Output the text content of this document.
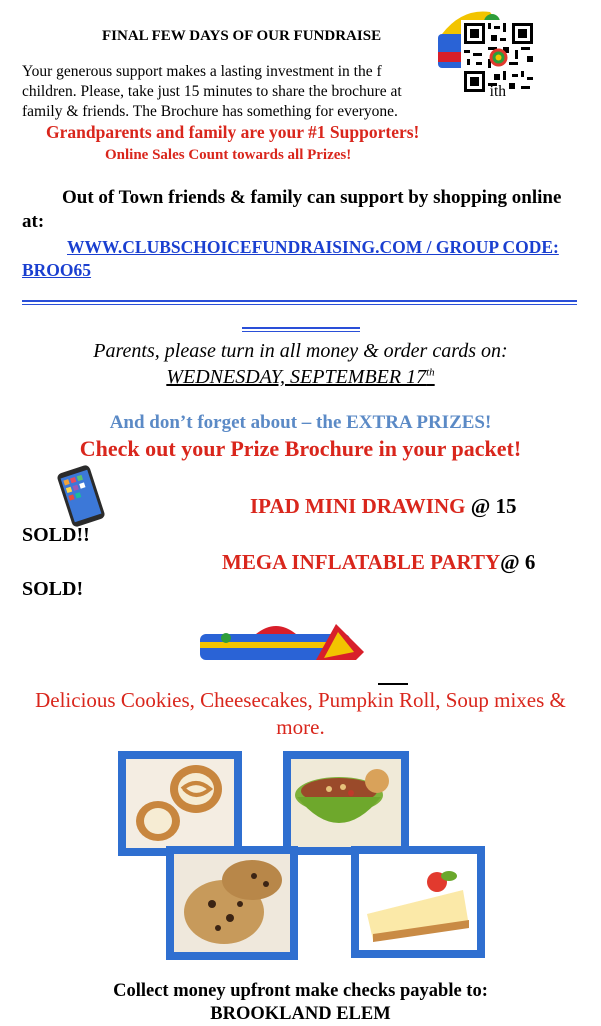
FINAL FEW DAYS OF OUR FUNDRAISE
Your generous support makes a lasting investment in the f
children. Please, take just 15 minutes to share the brochure at	ith
family & friends. The Brochure has something for everyone.
Grandparents and family are your #1 Supporters!
Online Sales Count towards all Prizes!
Out of Town friends & family can support by shopping online at:
WWW.CLUBSCHOICEFUNDRAISING.COM / GROUP CODE: BROO65
Parents, please turn in all money & order cards on:
WEDNESDAY, SEPTEMBER 17th
And don’t forget about – the EXTRA PRIZES!
Check out your Prize Brochure in your packet!
IPAD MINI DRAWING @ 15
SOLD!!
MEGA INFLATABLE PARTY@ 6
SOLD!
Delicious Cookies, Cheesecakes, Pumpkin Roll, Soup mixes & more.
Collect money upfront make checks payable to:
BROOKLAND ELEM
